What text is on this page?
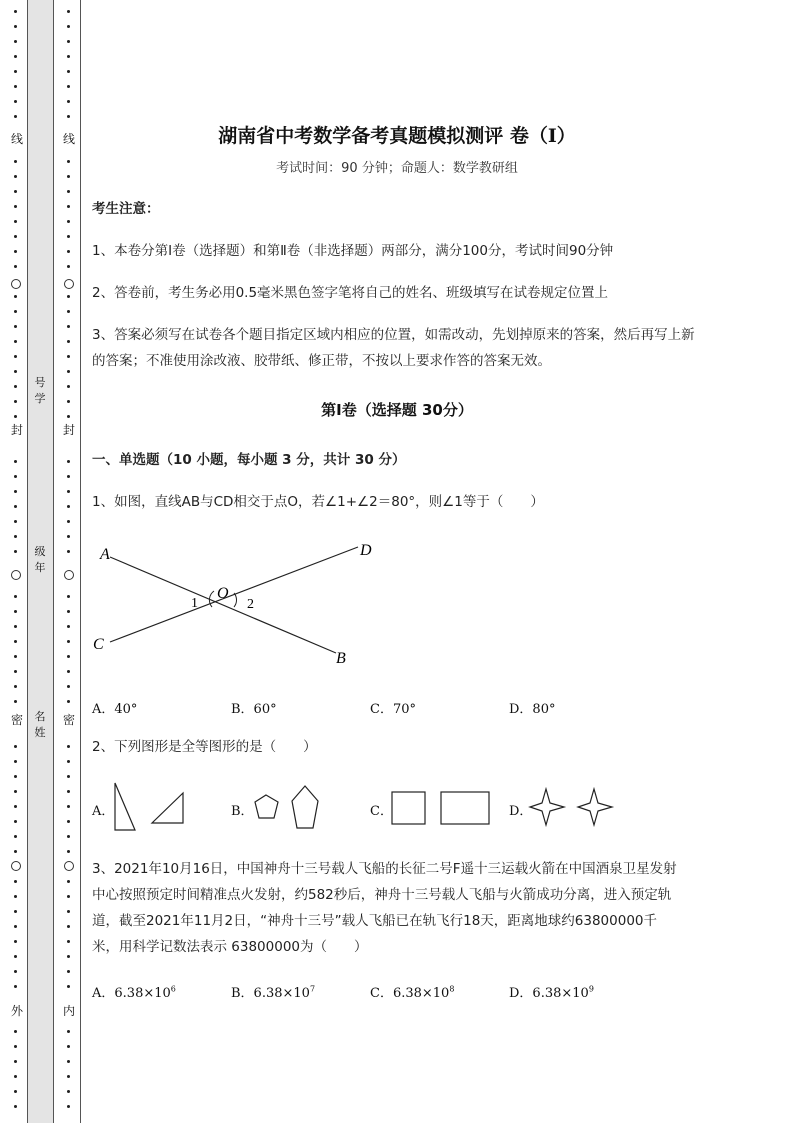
线
封
密
外
线
封
密
内
号
学
级
年
名
姓
湖南省中考数学备考真题模拟测评 卷（Ⅰ）
考试时间：90 分钟；命题人：数学教研组
考生注意：
1、本卷分第Ⅰ卷（选择题）和第Ⅱ卷（非选择题）两部分，满分100分，考试时间90分钟
2、答卷前，考生务必用0.5毫米黑色签字笔将自己的姓名、班级填写在试卷规定位置上
3、答案必须写在试卷各个题目指定区域内相应的位置，如需改动，先划掉原来的答案，然后再写上新
的答案；不准使用涂改液、胶带纸、修正带，不按以上要求作答的答案无效。
第Ⅰ卷（选择题 30分）
一、单选题（10 小题，每小题 3 分，共计 30 分）
1、如图，直线AB与CD相交于点O，若∠1+∠2＝80°，则∠1等于（　　）
A	D
C
B
O
1	2
A．40°	B．60°	C．70°	D．80°
2、下列图形是全等图形的是（　　）
A．	B．	C．	D．
3、2021年10月16日，中国神舟十三号载人飞船的长征二号F遥十三运载火箭在中国酒泉卫星发射
中心按照预定时间精准点火发射，约582秒后，神舟十三号载人飞船与火箭成功分离，进入预定轨
道，截至2021年11月2日，“神舟十三号”载人飞船已在轨飞行18天，距离地球约63800000千
米，用科学记数法表示 63800000为（　　）
A．$6.38\times 10^6$	B．$6.38\times 10^7$	C．$6.38\times 10^8$	D．$6.38\times 10^9$
